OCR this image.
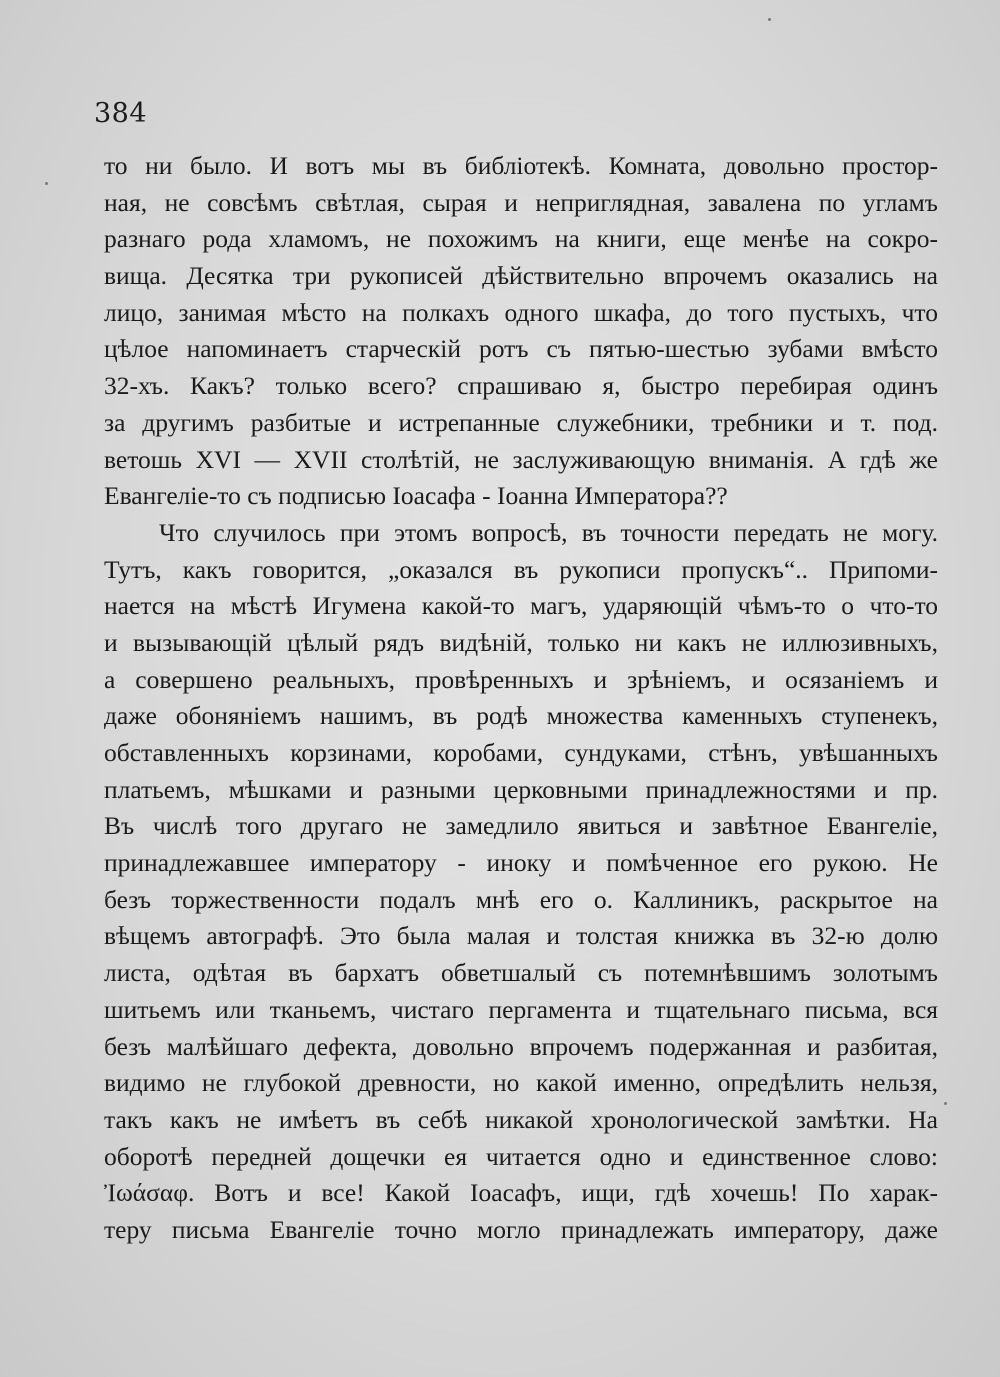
384
то ни было. И вотъ мы въ библіотекѣ. Комната, довольно простор-
ная, не совсѣмъ свѣтлая, сырая и неприглядная, завалена по угламъ
разнаго рода хламомъ, не похожимъ на книги, еще менѣе на сокро-
вища. Десятка три рукописей дѣйствительно впрочемъ оказались на
лицо, занимая мѣсто на полкахъ одного шкафа, до того пустыхъ, что
цѣлое напоминаетъ старческій ротъ съ пятью-шестью зубами вмѣсто
32-хъ. Какъ? только всего? спрашиваю я, быстро перебирая одинъ
за другимъ разбитые и истрепанные служебники, требники и т. под.
ветошь XVI — XVII столѣтій, не заслуживающую вниманія. А гдѣ же
Евангеліе-то съ подписью Іоасафа - Іоанна Императора??
Что случилось при этомъ вопросѣ, въ точности передать не могу.
Тутъ, какъ говорится, „оказался въ рукописи пропускъ“.. Припоми-
нается на мѣстѣ Игумена какой-то магъ, ударяющій чѣмъ-то о что-то
и вызывающій цѣлый рядъ видѣній, только ни какъ не иллюзивныхъ,
а совершено реальныхъ, провѣренныхъ и зрѣніемъ, и осязаніемъ и
даже обоняніемъ нашимъ, въ родѣ множества каменныхъ ступенекъ,
обставленныхъ корзинами, коробами, сундуками, стѣнъ, увѣшанныхъ
платьемъ, мѣшками и разными церковными принадлежностями и пр.
Въ числѣ того другаго не замедлило явиться и завѣтное Евангеліе,
принадлежавшее императору - иноку и помѣченное его рукою. Не
безъ торжественности подалъ мнѣ его о. Каллиникъ, раскрытое на
вѣщемъ автографѣ. Это была малая и толстая книжка въ 32-ю долю
листа, одѣтая въ бархатъ обветшалый съ потемнѣвшимъ золотымъ
шитьемъ или тканьемъ, чистаго пергамента и тщательнаго письма, вся
безъ малѣйшаго дефекта, довольно впрочемъ подержанная и разбитая,
видимо не глубокой древности, но какой именно, опредѣлить нельзя,
такъ какъ не имѣетъ въ себѣ никакой хронологической замѣтки. На
оборотѣ передней дощечки ея читается одно и единственное слово:
Ἰωάσαφ. Вотъ и все! Какой Іоасафъ, ищи, гдѣ хочешь! По харак-
теру письма Евангеліе точно могло принадлежать императору, даже
